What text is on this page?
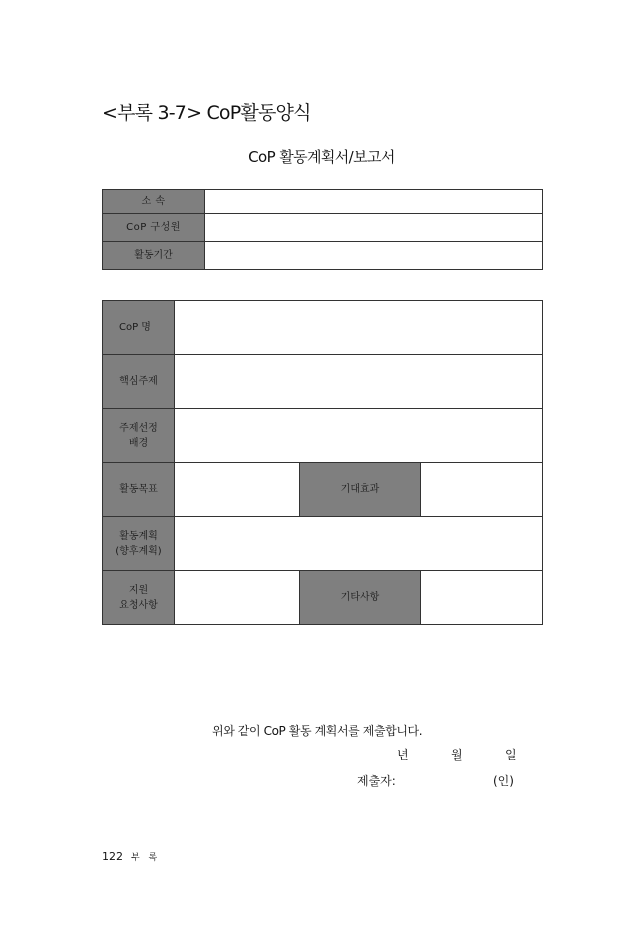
<부록 3-7> CoP활동양식
CoP 활동계획서/보고서
소 속	
CoP 구성원	
활동기간	
CoP 명			
핵심주제			

주제선정
배경			

활동목표		기대효과	

활동계획
(향후계획)			

지원
요청사항		기타사항	
위와 같이 CoP 활동 계획서를 제출합니다.
년	월	일
제출자:	(인)
122 부 록
